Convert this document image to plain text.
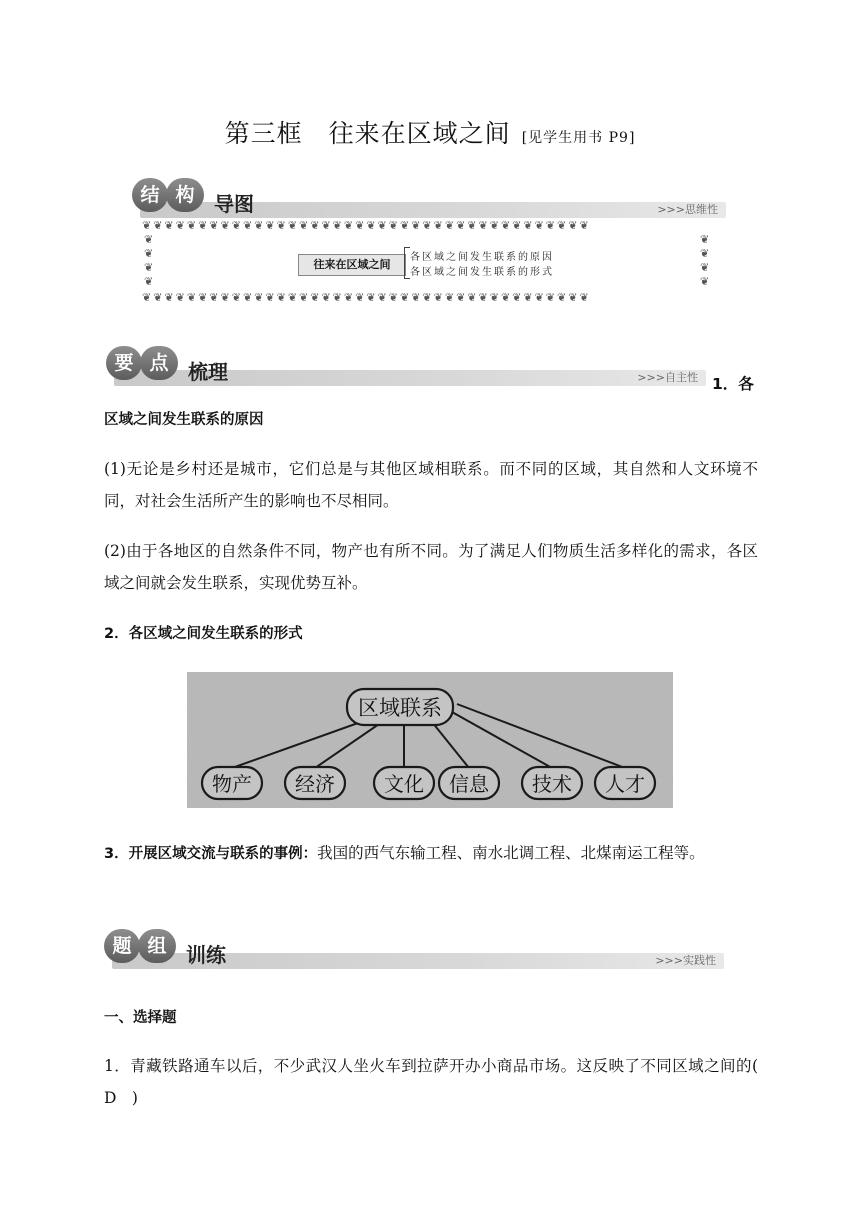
第三框　往来在区域之间 [见学生用书 P9]
结 构 导图	>>>思维性
❦❦❦❦❦❦❦❦❦❦❦❦❦❦❦❦❦❦❦❦❦❦❦❦❦❦❦❦❦❦❦❦❦❦❦❦❦❦❦❦
❦❦❦❦❦❦❦❦❦❦❦❦❦❦❦❦❦❦❦❦❦❦❦❦❦❦❦❦❦❦❦❦❦❦❦❦❦❦❦❦
❦
❦
❦
❦
❦
❦
❦
❦
往来在区域之间
各区域之间发生联系的原因
各区域之间发生联系的形式
要 点 梳理	>>>自主性 1．各
区域之间发生联系的原因
(1)无论是乡村还是城市，它们总是与其他区域相联系。而不同的区域，其自然和人文环境不同，对社会生活所产生的影响也不尽相同。
(2)由于各地区的自然条件不同，物产也有所不同。为了满足人们物质生活多样化的需求，各区域之间就会发生联系，实现优势互补。
2．各区域之间发生联系的形式
区域联系
物产 经济 文化 信息 技术 人才
3．开展区域交流与联系的事例：我国的西气东输工程、南水北调工程、北煤南运工程等。
题 组 训练	>>>实践性
一、选择题
1．青藏铁路通车以后，不少武汉人坐火车到拉萨开办小商品市场。这反映了不同区域之间的(　D　)
